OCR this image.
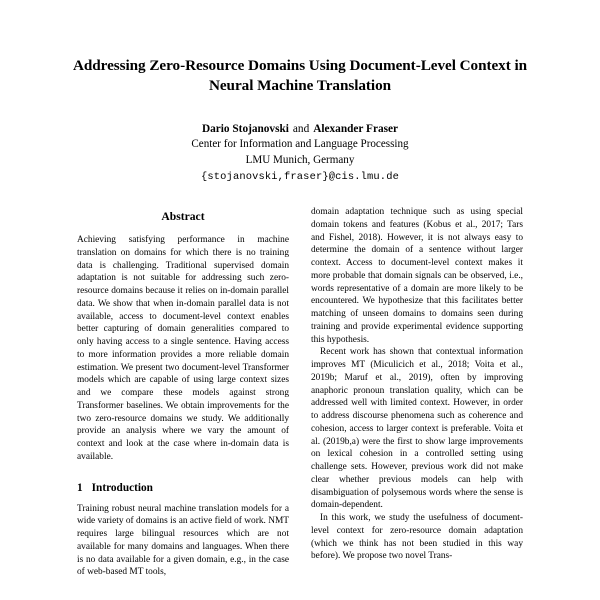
Addressing Zero-Resource Domains Using Document-Level Context in Neural Machine Translation
Dario Stojanovski and Alexander Fraser
Center for Information and Language Processing
LMU Munich, Germany
{stojanovski,fraser}@cis.lmu.de
Abstract

Achieving satisfying performance in machine translation on domains for which there is no training data is challenging. Traditional supervised domain adaptation is not suitable for addressing such zero-resource domains because it relies on in-domain parallel data. We show that when in-domain parallel data is not available, access to document-level context enables better capturing of domain generalities compared to only having access to a single sentence. Having access to more information provides a more reliable domain estimation. We present two document-level Transformer models which are capable of using large context sizes and we compare these models against strong Transformer baselines. We obtain improvements for the two zero-resource domains we study. We additionally provide an analysis where we vary the amount of context and look at the case where in-domain data is available.

1 Introduction

Training robust neural machine translation models for a wide variety of domains is an active field of work. NMT requires large bilingual resources which are not available for many domains and languages. When there is no data available for a given domain, e.g., in the case of web-based MT tools,

domain adaptation technique such as using special domain tokens and features (Kobus et al., 2017; Tars and Fishel, 2018). However, it is not always easy to determine the domain of a sentence without larger context. Access to document-level context makes it more probable that domain signals can be observed, i.e., words representative of a domain are more likely to be encountered. We hypothesize that this facilitates better matching of unseen domains to domains seen during training and provide experimental evidence supporting this hypothesis.

Recent work has shown that contextual information improves MT (Miculicich et al., 2018; Voita et al., 2019b; Maruf et al., 2019), often by improving anaphoric pronoun translation quality, which can be addressed well with limited context. However, in order to address discourse phenomena such as coherence and cohesion, access to larger context is preferable. Voita et al. (2019b,a) were the first to show large improvements on lexical cohesion in a controlled setting using challenge sets. However, previous work did not make clear whether previous models can help with disambiguation of polysemous words where the sense is domain-dependent.

In this work, we study the usefulness of document-level context for zero-resource domain adaptation (which we think has not been studied in this way before). We propose two novel Trans-
